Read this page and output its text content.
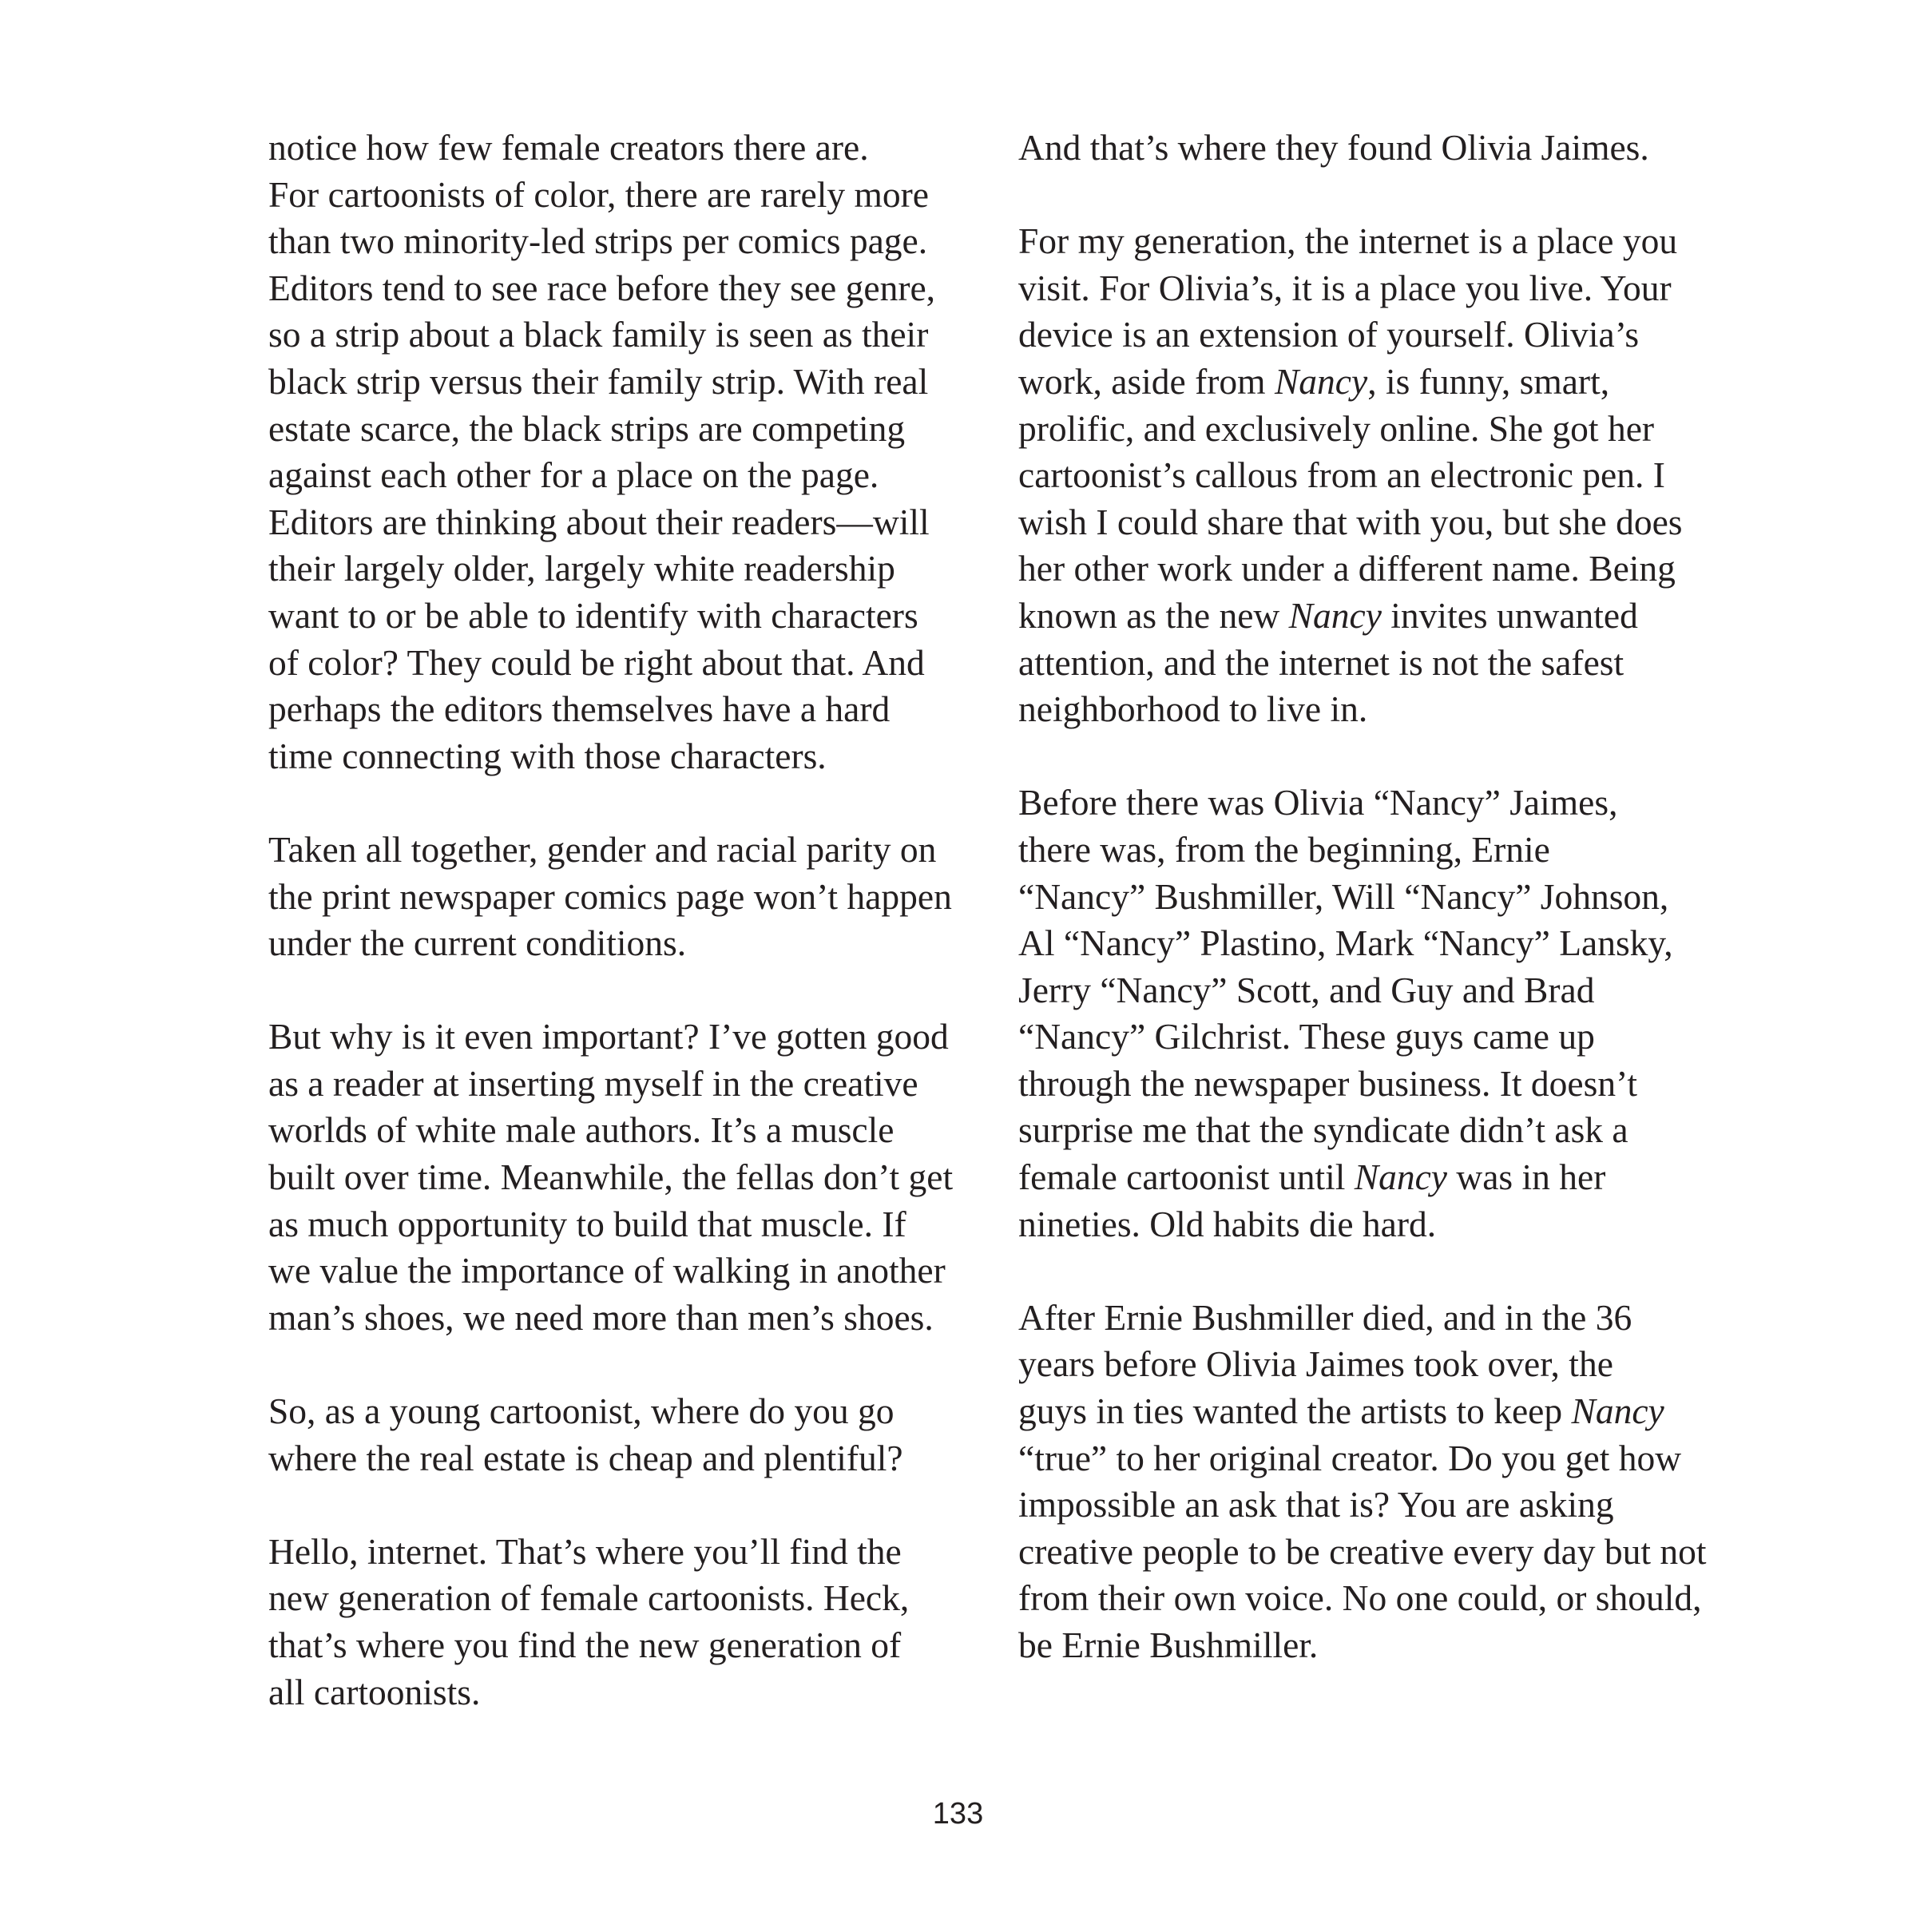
notice how few female creators there are.
For cartoonists of color, there are rarely more
than two minority-led strips per comics page.
Editors tend to see race before they see genre,
so a strip about a black family is seen as their
black strip versus their family strip. With real
estate scarce, the black strips are competing
against each other for a place on the page.
Editors are thinking about their readers—will
their largely older, largely white readership
want to or be able to identify with characters
of color? They could be right about that. And
perhaps the editors themselves have a hard
time connecting with those characters.
Taken all together, gender and racial parity on
the print newspaper comics page won’t happen
under the current conditions.
But why is it even important? I’ve gotten good
as a reader at inserting myself in the creative
worlds of white male authors. It’s a muscle
built over time. Meanwhile, the fellas don’t get
as much opportunity to build that muscle. If
we value the importance of walking in another
man’s shoes, we need more than men’s shoes.
So, as a young cartoonist, where do you go
where the real estate is cheap and plentiful?
Hello, internet. That’s where you’ll find the
new generation of female cartoonists. Heck,
that’s where you find the new generation of
all cartoonists.
And that’s where they found Olivia Jaimes.
For my generation, the internet is a place you
visit. For Olivia’s, it is a place you live. Your
device is an extension of yourself. Olivia’s
work, aside from Nancy, is funny, smart,
prolific, and exclusively online. She got her
cartoonist’s callous from an electronic pen. I
wish I could share that with you, but she does
her other work under a different name. Being
known as the new Nancy invites unwanted
attention, and the internet is not the safest
neighborhood to live in.
Before there was Olivia “Nancy” Jaimes,
there was, from the beginning, Ernie
“Nancy” Bushmiller, Will “Nancy” Johnson,
Al “Nancy” Plastino, Mark “Nancy” Lansky,
Jerry “Nancy” Scott, and Guy and Brad
“Nancy” Gilchrist. These guys came up
through the newspaper business. It doesn’t
surprise me that the syndicate didn’t ask a
female cartoonist until Nancy was in her
nineties. Old habits die hard.
After Ernie Bushmiller died, and in the 36
years before Olivia Jaimes took over, the
guys in ties wanted the artists to keep Nancy
“true” to her original creator. Do you get how
impossible an ask that is? You are asking
creative people to be creative every day but not
from their own voice. No one could, or should,
be Ernie Bushmiller.
133
